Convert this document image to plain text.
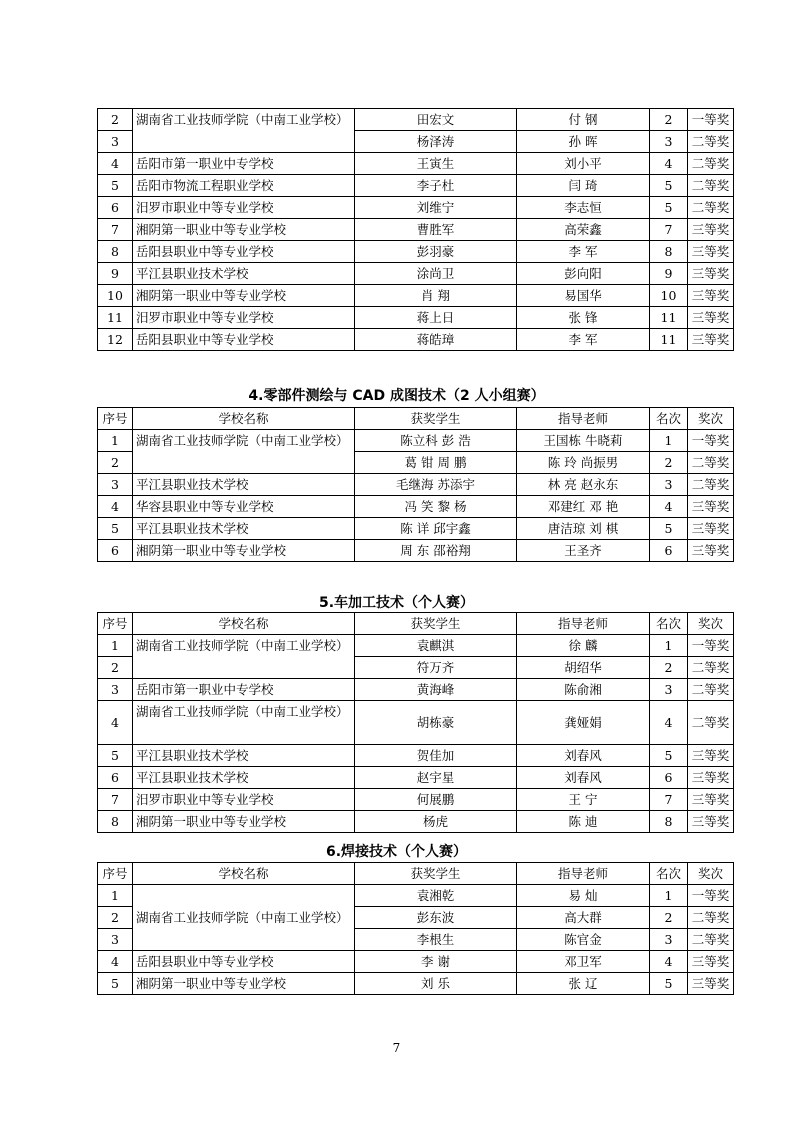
2	湖南省工业技师学院（中南工业学校）	田宏文	付 钢	2	一等奖
3		杨泽涛	孙 晖	3	二等奖
4	岳阳市第一职业中专学校	王寅生	刘小平	4	二等奖
5	岳阳市物流工程职业学校	李子杜	闫 琦	5	二等奖
6	汨罗市职业中等专业学校	刘维宁	李志恒	5	二等奖
7	湘阴第一职业中等专业学校	曹胜军	高荣鑫	7	三等奖
8	岳阳县职业中等专业学校	彭羽豪	李 军	8	三等奖
9	平江县职业技术学校	涂尚卫	彭向阳	9	三等奖
10	湘阴第一职业中等专业学校	肖 翔	易国华	10	三等奖
11	汨罗市职业中等专业学校	蒋上日	张 锋	11	三等奖
12	岳阳县职业中等专业学校	蒋皓璋	李 军	11	三等奖
4.零部件测绘与 CAD 成图技术（2 人小组赛）
序号	学校名称	获奖学生	指导老师	名次	奖次
1	湖南省工业技师学院（中南工业学校）	陈立科 彭 浩	王国栋 牛晓莉	1	一等奖
2		葛 钳 周 鹏	陈 玲 尚振男	2	二等奖
3	平江县职业技术学校	毛继海 苏添宇	林 亮 赵永东	3	二等奖
4	华容县职业中等专业学校	冯 笑 黎 杨	邓建红 邓 艳	4	三等奖
5	平江县职业技术学校	陈 详 邱宇鑫	唐洁琼 刘 棋	5	三等奖
6	湘阴第一职业中等专业学校	周 东 邵裕翔	王圣齐	6	三等奖
5.车加工技术（个人赛）
序号	学校名称	获奖学生	指导老师	名次	奖次
1	湖南省工业技师学院（中南工业学校）	袁麒淇	徐 麟	1	一等奖
2		符万齐	胡绍华	2	二等奖
3	岳阳市第一职业中专学校	黄海峰	陈俞湘	3	二等奖
4	湖南省工业技师学院（中南工业学校）	胡栋豪	龚娅娟	4	二等奖
5	平江县职业技术学校	贺佳加	刘春风	5	三等奖
6	平江县职业技术学校	赵宇星	刘春风	6	三等奖
7	汨罗市职业中等专业学校	何展鹏	王 宁	7	三等奖
8	湘阴第一职业中等专业学校	杨虎	陈 迪	8	三等奖
6.焊接技术（个人赛）
序号	学校名称	获奖学生	指导老师	名次	奖次
1	湖南省工业技师学院（中南工业学校）	袁湘乾	易 灿	1	一等奖
2		彭东波	高大群	2	二等奖
3		李根生	陈官金	3	二等奖
4	岳阳县职业中等专业学校	李 谢	邓卫军	4	三等奖
5	湘阴第一职业中等专业学校	刘 乐	张 辽	5	三等奖
7
